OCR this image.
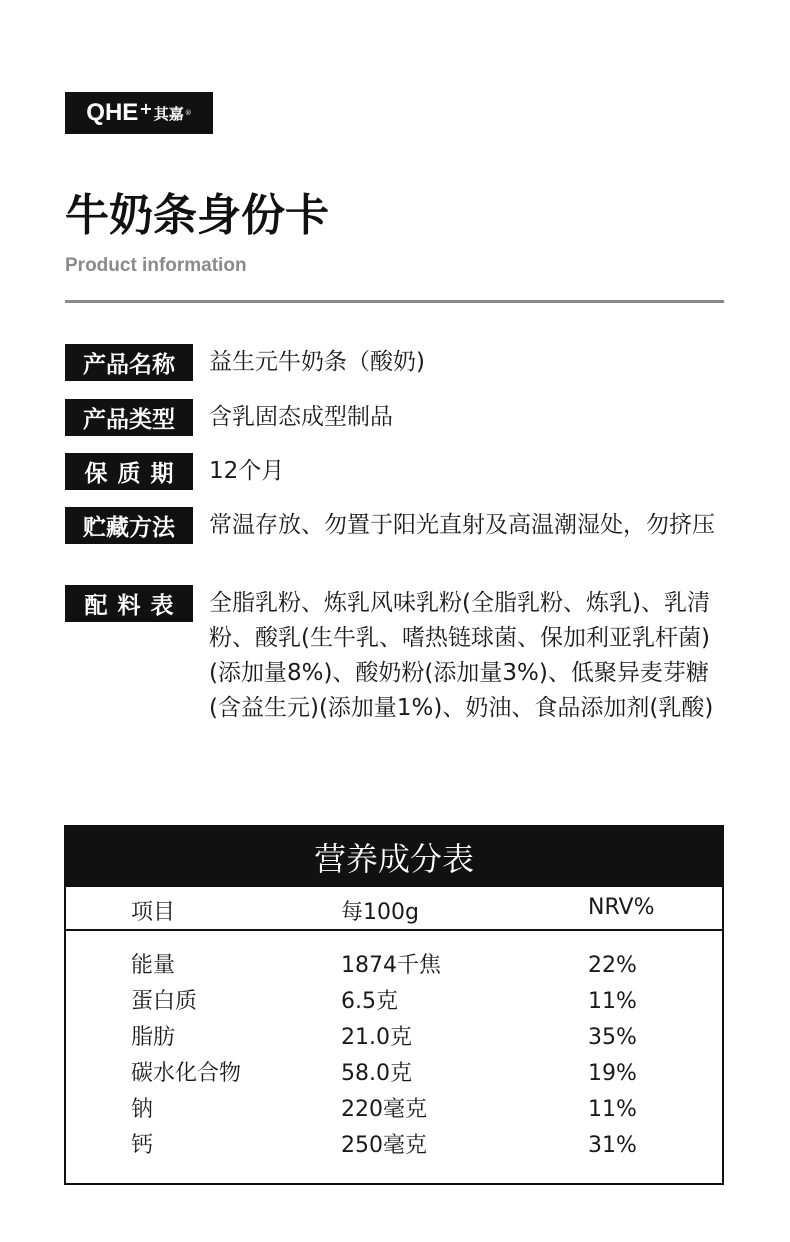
QHE + 其嘉 ®
牛奶条身份卡
Product information
产品名称	益生元牛奶条（酸奶)
产品类型	含乳固态成型制品
保质期	12个月
贮藏方法	常温存放、勿置于阳光直射及高温潮湿处，勿挤压
配料表	全脂乳粉、炼乳风味乳粉(全脂乳粉、炼乳)、乳清粉、酸乳(生牛乳、嗜热链球菌、保加利亚乳杆菌)(添加量8%)、酸奶粉(添加量3%)、低聚异麦芽糖(含益生元)(添加量1%)、奶油、食品添加剂(乳酸)
营养成分表
项目	每100g	NRV%
能量	1874千焦	22%
蛋白质	6.5克	11%
脂肪	21.0克	35%
碳水化合物	58.0克	19%
钠	220毫克	11%
钙	250毫克	31%
